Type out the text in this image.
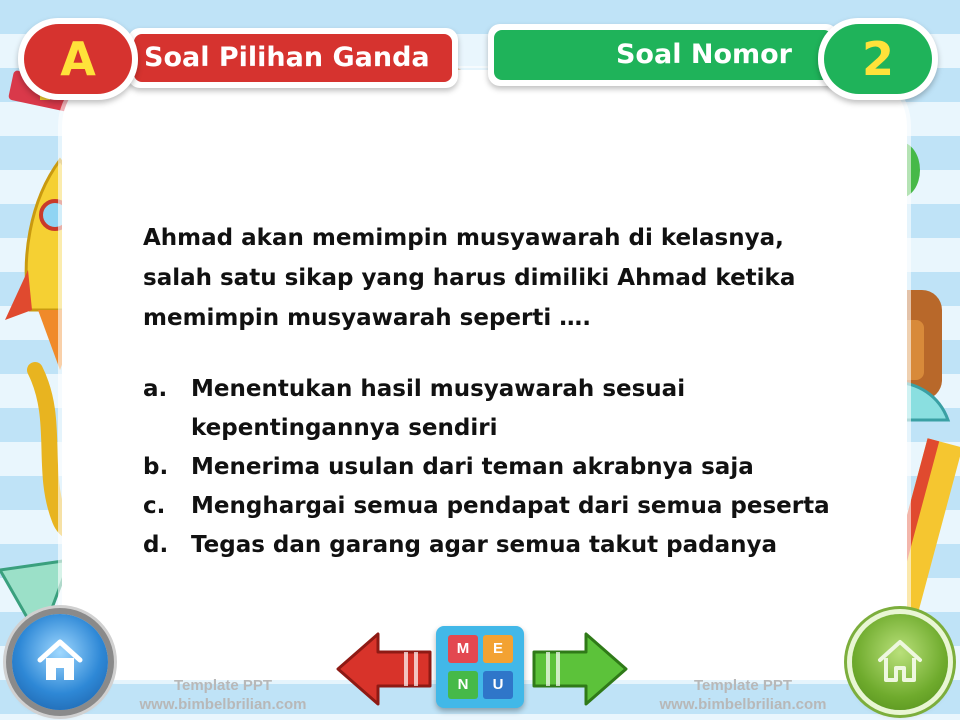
Soal Pilihan Ganda
A	Soal Nomor	2
Ahmad akan memimpin musyawarah di kelasnya, salah satu sikap yang harus dimiliki Ahmad ketika memimpin musyawarah seperti ….
a. Menentukan hasil musyawarah sesuai kepentingannya sendiri
b. Menerima usulan dari teman akrabnya saja
c. Menghargai semua pendapat dari semua peserta
d. Tegas dan garang agar semua takut padanya
Template PPT
www.bimbelbrilian.com
Template PPT
www.bimbelbrilian.com
M	E
N	U
